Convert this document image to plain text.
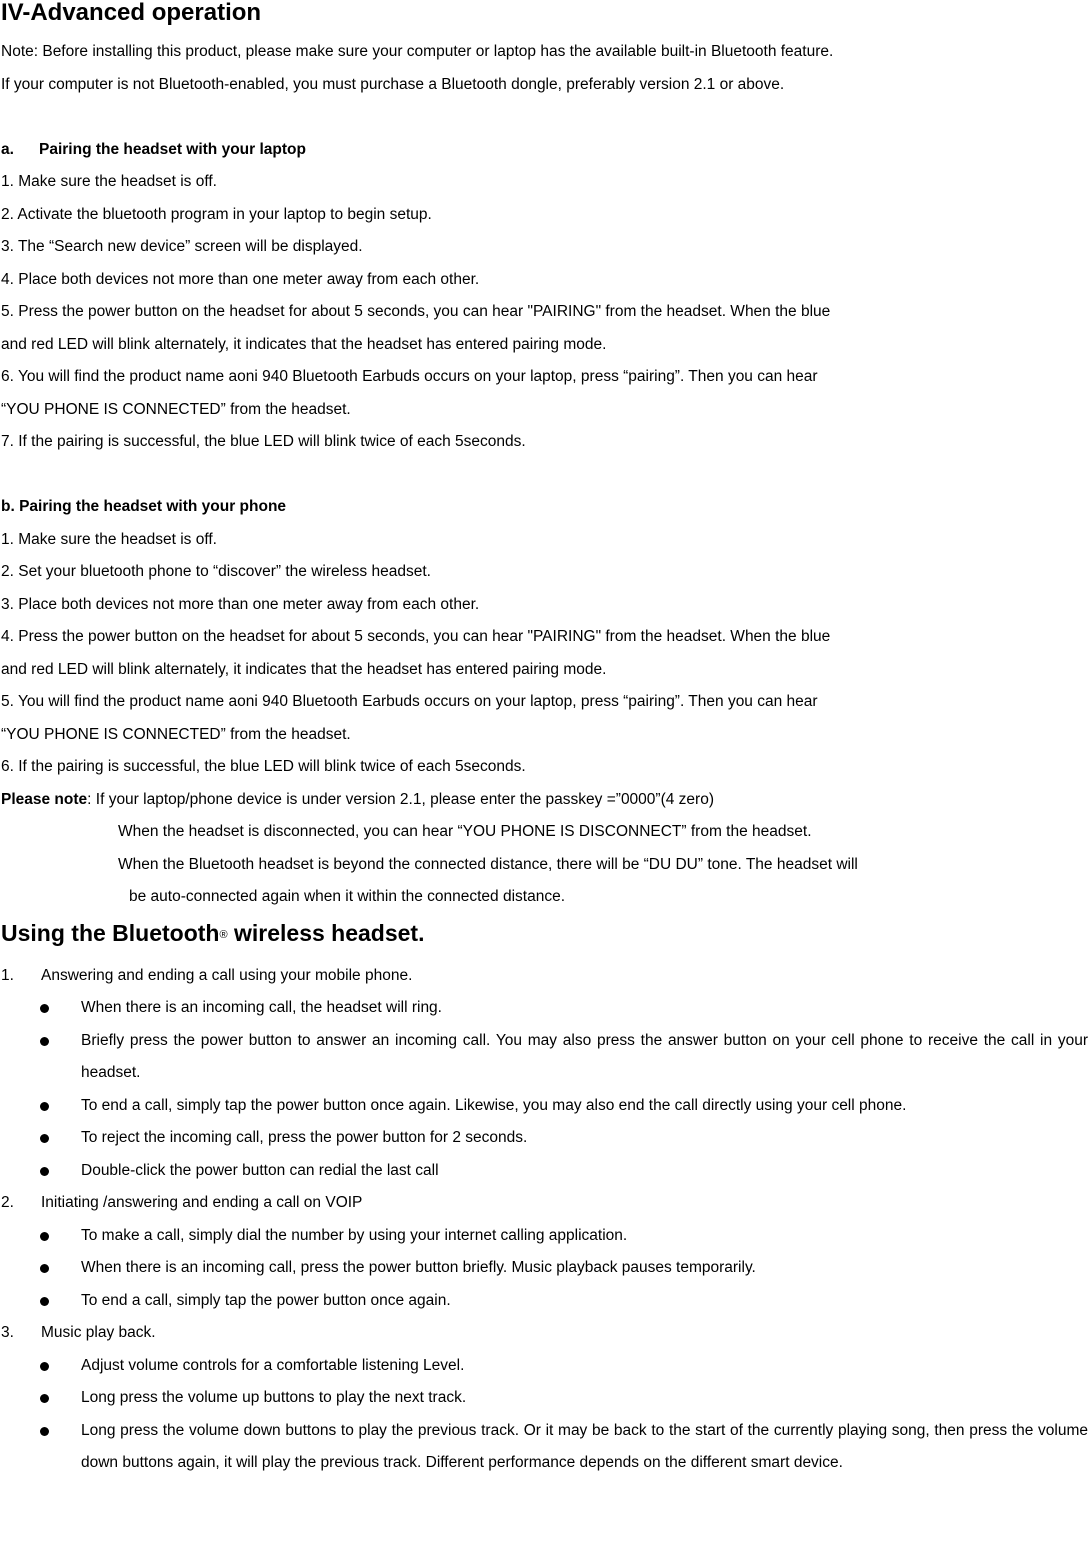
IV-Advanced operation

Note: Before installing this product, please make sure your computer or laptop has the available built-in Bluetooth feature.

If your computer is not Bluetooth-enabled, you must purchase a Bluetooth dongle, preferably version 2.1 or above.

a.	Pairing the headset with your laptop

1. Make sure the headset is off.

2. Activate the bluetooth program in your laptop to begin setup.

3. The “Search new device” screen will be displayed.

4. Place both devices not more than one meter away from each other.

5. Press the power button on the headset for about 5 seconds, you can hear "PAIRING" from the headset. When the blue

and red LED will blink alternately, it indicates that the headset has entered pairing mode.

6. You will find the product name aoni 940 Bluetooth Earbuds occurs on your laptop, press “pairing”. Then you can hear

“YOU PHONE IS CONNECTED” from the headset.

7. If the pairing is successful, the blue LED will blink twice of each 5seconds.

b. Pairing the headset with your phone

1. Make sure the headset is off.

2. Set your bluetooth phone to “discover” the wireless headset.

3. Place both devices not more than one meter away from each other.

4. Press the power button on the headset for about 5 seconds, you can hear "PAIRING" from the headset. When the blue

and red LED will blink alternately, it indicates that the headset has entered pairing mode.

5. You will find the product name aoni 940 Bluetooth Earbuds occurs on your laptop, press “pairing”. Then you can hear

“YOU PHONE IS CONNECTED” from the headset.

6. If the pairing is successful, the blue LED will blink twice of each 5seconds.

Please note: If your laptop/phone device is under version 2.1, please enter the passkey =”0000”(4 zero)

When the headset is disconnected, you can hear “YOU PHONE IS DISCONNECT” from the headset.

When the Bluetooth headset is beyond the connected distance, there will be “DU DU” tone. The headset will

be auto-connected again when it within the connected distance.

Using the Bluetooth® wireless headset.

1.	Answering and ending a call using your mobile phone.

When there is an incoming call, the headset will ring.

Briefly press the power button to answer an incoming call. You may also press the answer button on your cell phone to receive the call in your headset.

To end a call, simply tap the power button once again. Likewise, you may also end the call directly using your cell phone.

To reject the incoming call, press the power button for 2 seconds.

Double-click the power button can redial the last call

2.	Initiating /answering and ending a call on VOIP

To make a call, simply dial the number by using your internet calling application.

When there is an incoming call, press the power button briefly. Music playback pauses temporarily.

To end a call, simply tap the power button once again.

3.	Music play back.

Adjust volume controls for a comfortable listening Level.

Long press the volume up buttons to play the next track.

Long press the volume down buttons to play the previous track. Or it may be back to the start of the currently playing song, then press the volume down buttons again, it will play the previous track. Different performance depends on the different smart device.
